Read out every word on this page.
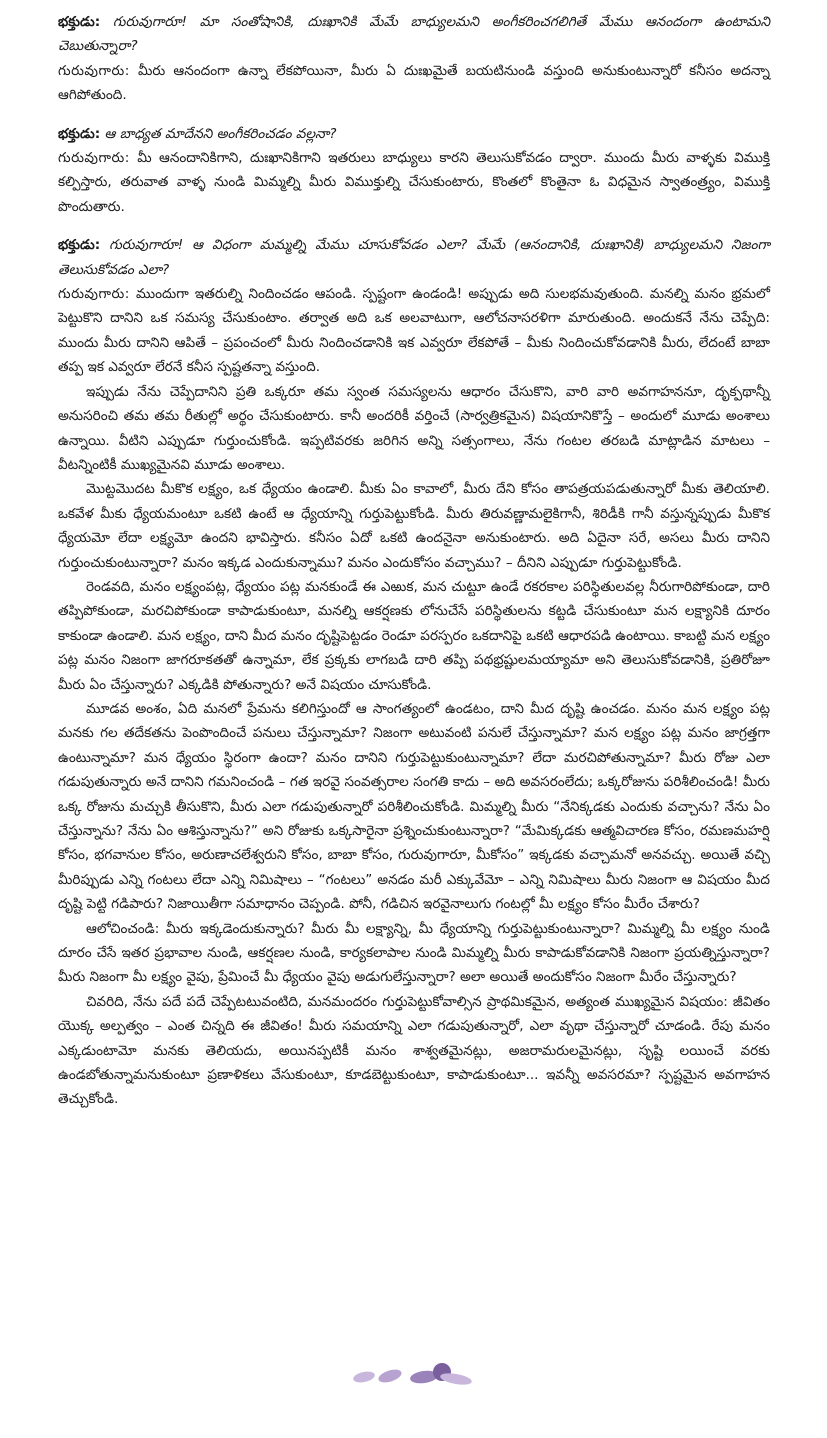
భక్తుడు: గురువుగారూ! మా సంతోషానికి, దుఃఖానికి మేమే బాధ్యులమని అంగీకరించగలిగితే మేము ఆనందంగా ఉంటామని చెబుతున్నారా?

గురువుగారు: మీరు ఆనందంగా ఉన్నా లేకపోయినా, మీరు ఏ దుఃఖమైతే బయటినుండి వస్తుంది అనుకుంటున్నారో కనీసం అదన్నా ఆగిపోతుంది.

భక్తుడు: ఆ బాధ్యత మాదేనని అంగీకరించడం వల్లనా?

గురువుగారు: మీ ఆనందానికిగాని, దుఃఖానికిగాని ఇతరులు బాధ్యులు కారని తెలుసుకోవడం ద్వారా. ముందు మీరు వాళ్ళకు విముక్తి కల్పిస్తారు, తరువాత వాళ్ళ నుండి మిమ్మల్ని మీరు విముక్తుల్ని చేసుకుంటారు, కొంతలో కొంతైనా ఓ విధమైన స్వాతంత్ర్యం, విముక్తి పొందుతారు.

భక్తుడు: గురువుగారూ! ఆ విధంగా మమ్మల్ని మేము చూసుకోవడం ఎలా? మేమే (ఆనందానికి, దుఃఖానికి) బాధ్యులమని నిజంగా తెలుసుకోవడం ఎలా?

గురువుగారు: ముందుగా ఇతరుల్ని నిందించడం ఆపండి. స్పష్టంగా ఉండండి! అప్పుడు అది సులభమవుతుంది. మనల్ని మనం భ్రమలో పెట్టుకొని దానిని ఒక సమస్య చేసుకుంటాం. తర్వాత అది ఒక అలవాటుగా, ఆలోచనాసరళిగా మారుతుంది. అందుకనే నేను చెప్పేది: ముందు మీరు దానిని ఆపితే – ప్రపంచంలో మీరు నిందించడానికి ఇక ఎవ్వరూ లేకపోతే – మీకు నిందించుకోవడానికి మీరు, లేదంటే బాబా తప్ప ఇక ఎవ్వరూ లేరనే కనీస స్పష్టతన్నా వస్తుంది.

ఇప్పుడు నేను చెప్పేదానిని ప్రతి ఒక్కరూ తమ స్వంత సమస్యలను ఆధారం చేసుకొని, వారి వారి అవగాహననూ, దృక్పథాన్నీ అనుసరించి తమ తమ రీతుల్లో అర్థం చేసుకుంటారు. కానీ అందరికీ వర్తించే (సార్వత్రికమైన) విషయానికొస్తే – అందులో మూడు అంశాలు ఉన్నాయి. వీటిని ఎప్పుడూ గుర్తుంచుకోండి. ఇప్పటివరకు జరిగిన అన్ని సత్సంగాలు, నేను గంటల తరబడి మాట్లాడిన మాటలు – వీటన్నింటికీ ముఖ్యమైనవి మూడు అంశాలు.

మొట్టమొదట మీకొక లక్ష్యం, ఒక ధ్యేయం ఉండాలి. మీకు ఏం కావాలో, మీరు దేని కోసం తాపత్రయపడుతున్నారో మీకు తెలియాలి. ఒకవేళ మీకు ధ్యేయమంటూ ఒకటి ఉంటే ఆ ధ్యేయాన్ని గుర్తుపెట్టుకోండి. మీరు తిరువణ్ణామలైకిగానీ, శిరిడీకి గానీ వస్తున్నప్పుడు మీకొక ధ్యేయమో లేదా లక్ష్యమో ఉందని భావిస్తారు. కనీసం ఏదో ఒకటి ఉందనైనా అనుకుంటారు. అది ఏదైనా సరే, అసలు మీరు దానిని గుర్తుంచుకుంటున్నారా? మనం ఇక్కడ ఎందుకున్నాము? మనం ఎందుకోసం వచ్చాము? – దీనిని ఎప్పుడూ గుర్తుపెట్టుకోండి.

రెండవది, మనం లక్ష్యంపట్ల, ధ్యేయం పట్ల మనకుండే ఈ ఎఱుక, మన చుట్టూ ఉండే రకరకాల పరిస్థితులవల్ల నీరుగారిపోకుండా, దారి తప్పిపోకుండా, మరచిపోకుండా కాపాడుకుంటూ, మనల్ని ఆకర్షణకు లోనుచేసే పరిస్థితులను కట్టడి చేసుకుంటూ మన లక్ష్యానికి దూరం కాకుండా ఉండాలి. మన లక్ష్యం, దాని మీద మనం దృష్టిపెట్టడం రెండూ పరస్పరం ఒకదానిపై ఒకటి ఆధారపడి ఉంటాయి. కాబట్టి మన లక్ష్యం పట్ల మనం నిజంగా జాగరూకతతో ఉన్నామా, లేక ప్రక్కకు లాగబడి దారి తప్పి పథభ్రష్టులమయ్యామా అని తెలుసుకోవడానికి, ప్రతిరోజూ మీరు ఏం చేస్తున్నారు? ఎక్కడికి పోతున్నారు? అనే విషయం చూసుకోండి.

మూడవ అంశం, ఏది మనలో ప్రేమను కలిగిస్తుందో ఆ సాంగత్యంలో ఉండటం, దాని మీద దృష్టి ఉంచడం. మనం మన లక్ష్యం పట్ల మనకు గల తదేకతను పెంపొందించే పనులు చేస్తున్నామా? నిజంగా అటువంటి పనులే చేస్తున్నామా? మన లక్ష్యం పట్ల మనం జాగ్రత్తగా ఉంటున్నామా? మన ధ్యేయం స్థిరంగా ఉందా? మనం దానిని గుర్తుపెట్టుకుంటున్నామా? లేదా మరచిపోతున్నామా? మీరు రోజు ఎలా గడుపుతున్నారు అనే దానిని గమనించండి – గత ఇరవై సంవత్సరాల సంగతి కాదు – అది అవసరంలేదు; ఒక్కరోజును పరిశీలించండి! మీరు ఒక్క రోజును మచ్చుకి తీసుకొని, మీరు ఎలా గడుపుతున్నారో పరిశీలించుకోండి. మిమ్మల్ని మీరు “నేనిక్కడకు ఎందుకు వచ్చాను? నేను ఏం చేస్తున్నాను? నేను ఏం ఆశిస్తున్నాను?” అని రోజుకు ఒక్కసారైనా ప్రశ్నించుకుంటున్నారా? “మేమిక్కడకు ఆత్మవిచారణ కోసం, రమణమహర్షి కోసం, భగవానుల కోసం, అరుణాచలేశ్వరుని కోసం, బాబా కోసం, గురువుగారూ, మీకోసం” ఇక్కడకు వచ్చామనో అనవచ్చు. అయితే వచ్చి మీరిప్పుడు ఎన్ని గంటలు లేదా ఎన్ని నిమిషాలు – “గంటలు” అనడం మరీ ఎక్కువేమో – ఎన్ని నిమిషాలు మీరు నిజంగా ఆ విషయం మీద దృష్టి పెట్టి గడిపారు? నిజాయితీగా సమాధానం చెప్పండి. పోనీ, గడిచిన ఇరవైనాలుగు గంటల్లో మీ లక్ష్యం కోసం మీరేం చేశారు?

ఆలోచించండి: మీరు ఇక్కడెందుకున్నారు? మీరు మీ లక్ష్యాన్ని, మీ ధ్యేయాన్ని గుర్తుపెట్టుకుంటున్నారా? మిమ్మల్ని మీ లక్ష్యం నుండి దూరం చేసే ఇతర ప్రభావాల నుండి, ఆకర్షణల నుండి, కార్యకలాపాల నుండి మిమ్మల్ని మీరు కాపాడుకోవడానికి నిజంగా ప్రయత్నిస్తున్నారా? మీరు నిజంగా మీ లక్ష్యం వైపు, ప్రేమించే మీ ధ్యేయం వైపు అడుగులేస్తున్నారా? అలా అయితే అందుకోసం నిజంగా మీరేం చేస్తున్నారు?

చివరిది, నేను పదే పదే చెప్పేటటువంటిది, మనమందరం గుర్తుపెట్టుకోవాల్సిన ప్రాథమికమైన, అత్యంత ముఖ్యమైన విషయం: జీవితం యొక్క అల్పత్వం – ఎంత చిన్నది ఈ జీవితం! మీరు సమయాన్ని ఎలా గడుపుతున్నారో, ఎలా వృథా చేస్తున్నారో చూడండి. రేపు మనం ఎక్కడుంటామో మనకు తెలియదు, అయినప్పటికీ మనం శాశ్వతమైనట్లు, అజరామరులమైనట్లు, సృష్టి లయించే వరకు ఉండబోతున్నామనుకుంటూ ప్రణాళికలు వేసుకుంటూ, కూడబెట్టుకుంటూ, కాపాడుకుంటూ... ఇవన్నీ అవసరమా? స్పష్టమైన అవగాహన తెచ్చుకోండి.
